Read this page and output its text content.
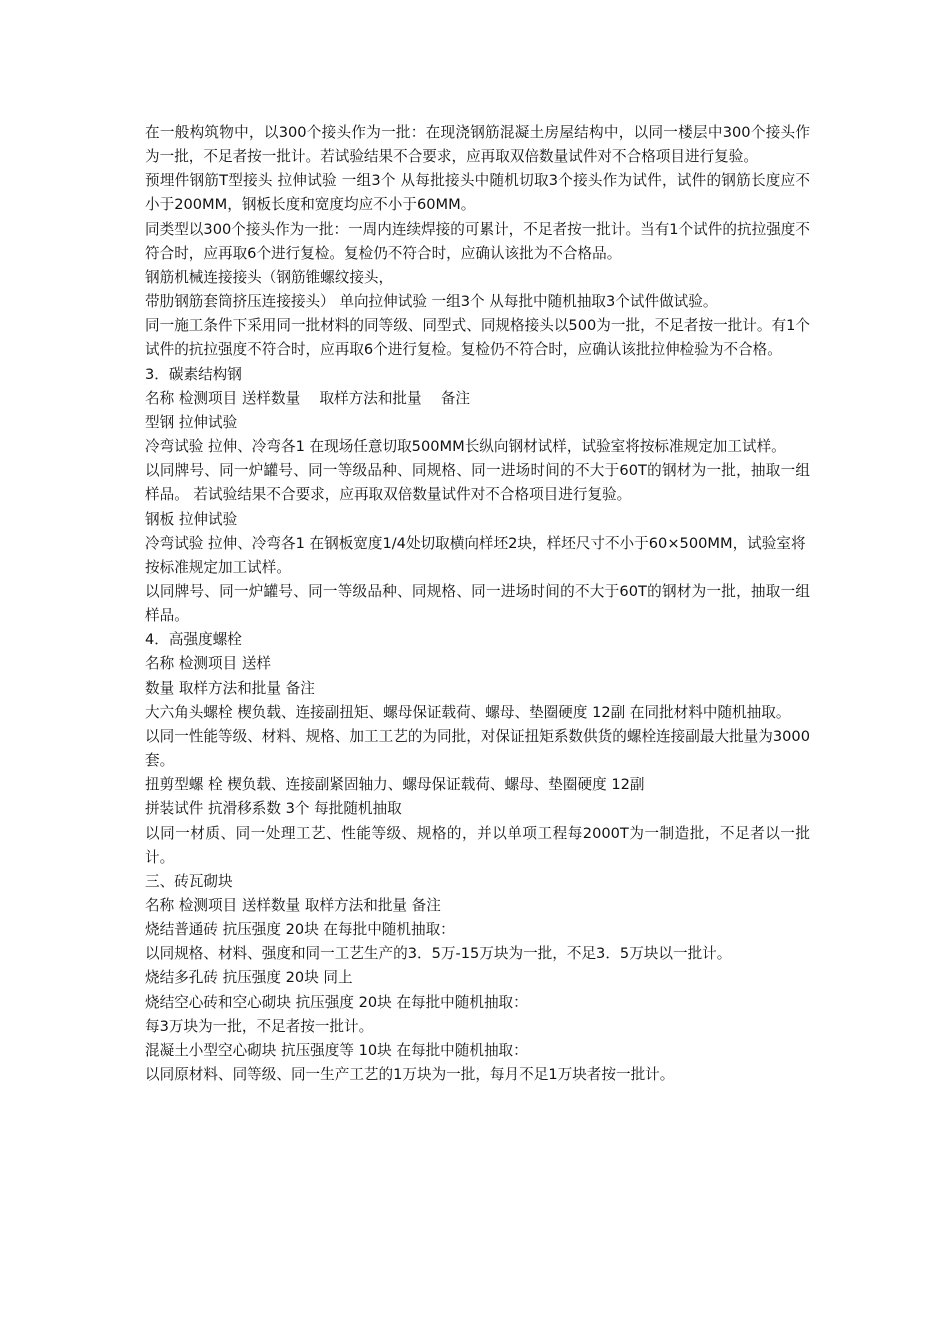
在一般构筑物中，以300个接头作为一批：在现浇钢筋混凝土房屋结构中，以同一楼层中300个接头作为一批，不足者按一批计。若试验结果不合要求，应再取双倍数量试件对不合格项目进行复验。

预埋件钢筋T型接头 拉伸试验 一组3个 从每批接头中随机切取3个接头作为试件，试件的钢筋长度应不小于200MM，钢板长度和宽度均应不小于60MM。

同类型以300个接头作为一批：一周内连续焊接的可累计，不足者按一批计。当有1个试件的抗拉强度不符合时，应再取6个进行复检。复检仍不符合时，应确认该批为不合格品。

钢筋机械连接接头（钢筋锥螺纹接头，

带肋钢筋套筒挤压连接接头） 单向拉伸试验 一组3个 从每批中随机抽取3个试件做试验。

同一施工条件下采用同一批材料的同等级、同型式、同规格接头以500为一批，不足者按一批计。有1个试件的抗拉强度不符合时，应再取6个进行复检。复检仍不符合时，应确认该批拉伸检验为不合格。

3．碳素结构钢

名称 检测项目 送样数量　 取样方法和批量　 备注

型钢 拉伸试验

冷弯试验 拉伸、冷弯各1 在现场任意切取500MM长纵向钢材试样，试验室将按标准规定加工试样。

以同牌号、同一炉罐号、同一等级品种、同规格、同一进场时间的不大于60T的钢材为一批，抽取一组样品。 若试验结果不合要求，应再取双倍数量试件对不合格项目进行复验。

钢板 拉伸试验

冷弯试验 拉伸、冷弯各1 在钢板宽度1/4处切取横向样坯2块，样坯尺寸不小于60×500MM，试验室将按标准规定加工试样。

以同牌号、同一炉罐号、同一等级品种、同规格、同一进场时间的不大于60T的钢材为一批，抽取一组样品。

4．高强度螺栓

名称 检测项目 送样

数量 取样方法和批量 备注

大六角头螺栓 楔负载、连接副扭矩、螺母保证载荷、螺母、垫圈硬度 12副 在同批材料中随机抽取。

以同一性能等级、材料、规格、加工工艺的为同批，对保证扭矩系数供货的螺栓连接副最大批量为3000套。

扭剪型螺 栓 楔负载、连接副紧固轴力、螺母保证载荷、螺母、垫圈硬度 12副

拼装试件 抗滑移系数 3个 每批随机抽取

以同一材质、同一处理工艺、性能等级、规格的，并以单项工程每2000T为一制造批，不足者以一批计。

三、砖瓦砌块

名称 检测项目 送样数量 取样方法和批量 备注

烧结普通砖 抗压强度 20块 在每批中随机抽取：

以同规格、材料、强度和同一工艺生产的3．5万-15万块为一批，不足3．5万块以一批计。

烧结多孔砖 抗压强度 20块 同上

烧结空心砖和空心砌块 抗压强度 20块 在每批中随机抽取：

每3万块为一批，不足者按一批计。

混凝土小型空心砌块 抗压强度等 10块 在每批中随机抽取：

以同原材料、同等级、同一生产工艺的1万块为一批，每月不足1万块者按一批计。
